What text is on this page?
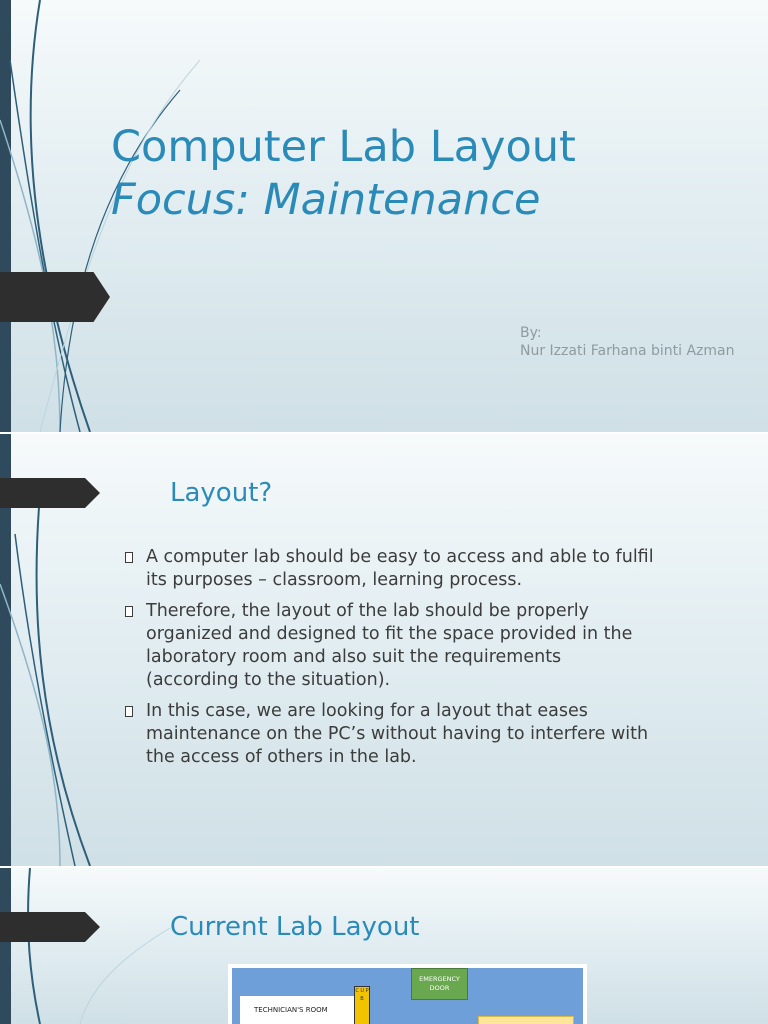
Computer Lab Layout
Focus: Maintenance
By:
Nur Izzati Farhana binti Azman
Layout?
A computer lab should be easy to access and able to fulfil its purposes – classroom, learning process.
Therefore, the layout of the lab should be properly organized and designed to fit the space provided in the laboratory room and also suit the requirements (according to the situation).
In this case, we are looking for a layout that eases maintenance on the PC’s without having to interfere with the access of others in the lab.
Current Lab Layout
TECHNICIAN'S ROOM
C U P B
EMERGENCY DOOR
